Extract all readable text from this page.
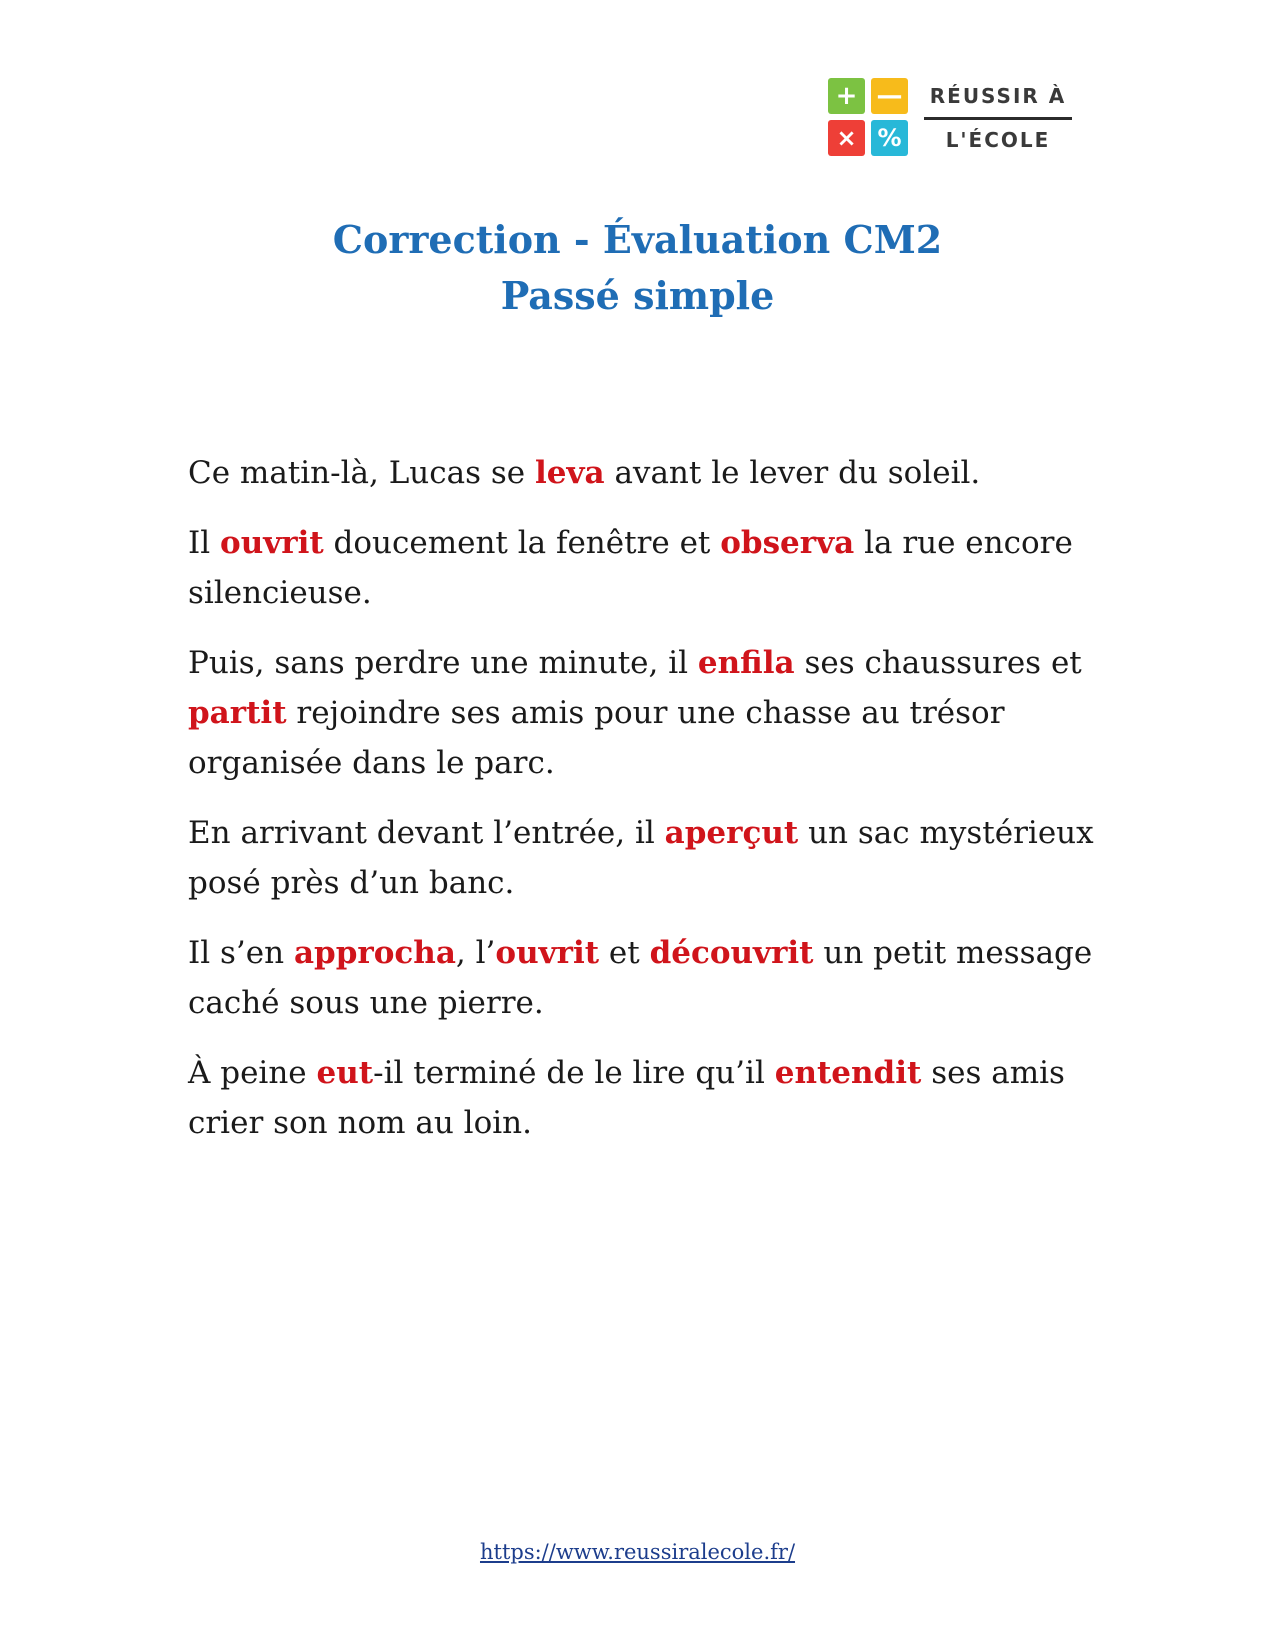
+ —
× %
RÉUSSIR À
L'ÉCOLE
Correction - Évaluation CM2
Passé simple

Ce matin-là, Lucas se leva avant le lever du soleil.

Il ouvrit doucement la fenêtre et observa la rue encore silencieuse.

Puis, sans perdre une minute, il enfila ses chaussures et partit rejoindre ses amis pour une chasse au trésor organisée dans le parc.

En arrivant devant l’entrée, il aperçut un sac mystérieux posé près d’un banc.

Il s’en approcha, l’ouvrit et découvrit un petit message caché sous une pierre.

À peine eut-il terminé de le lire qu’il entendit ses amis crier son nom au loin.

https://www.reussiralecole.fr/
